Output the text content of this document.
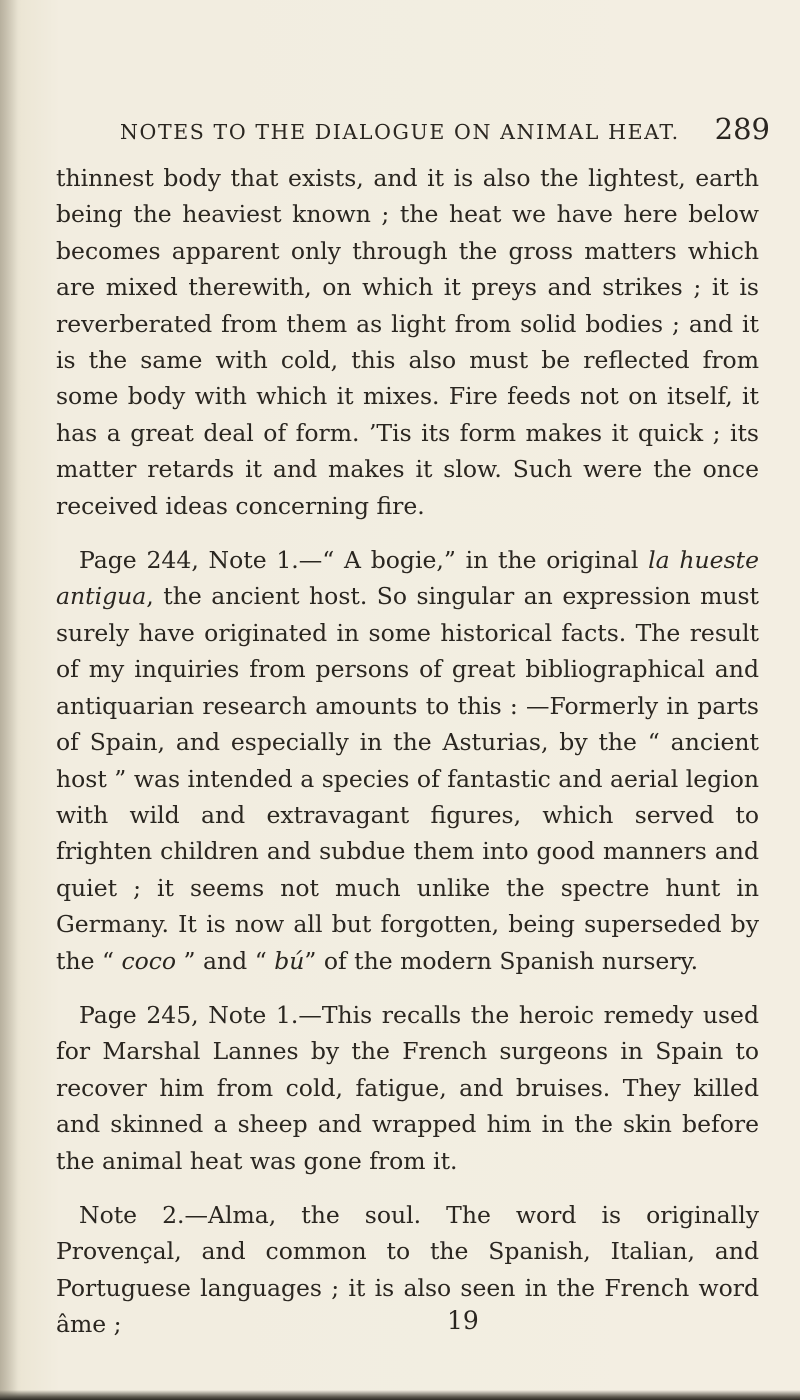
NOTES TO THE DIALOGUE ON ANIMAL HEAT. 289

thinnest body that exists, and it is also the lightest, earth being the heaviest known ; the heat we have here below becomes apparent only through the gross matters which are mixed therewith, on which it preys and strikes ; it is reverberated from them as light from solid bodies ; and it is the same with cold, this also must be reflected from some body with which it mixes. Fire feeds not on itself, it has a great deal of form. ’Tis its form makes it quick ; its matter retards it and makes it slow. Such were the once received ideas concerning fire.

Page 244, Note 1.—“ A bogie,” in the original la hueste antigua, the ancient host. So singular an expression must surely have originated in some historical facts. The result of my inquiries from persons of great bibliographical and antiquarian research amounts to this : —Formerly in parts of Spain, and especially in the Asturias, by the “ ancient host ” was intended a species of fantastic and aerial legion with wild and extravagant figures, which served to frighten children and subdue them into good manners and quiet ; it seems not much unlike the spectre hunt in Germany. It is now all but forgotten, being superseded by the “ coco ” and “ bú” of the modern Spanish nursery.

Page 245, Note 1.—This recalls the heroic remedy used for Marshal Lannes by the French surgeons in Spain to recover him from cold, fatigue, and bruises. They killed and skinned a sheep and wrapped him in the skin before the animal heat was gone from it.

Note 2.—Alma, the soul. The word is originally Provençal, and common to the Spanish, Italian, and Portuguese languages ; it is also seen in the French word âme ;	19
